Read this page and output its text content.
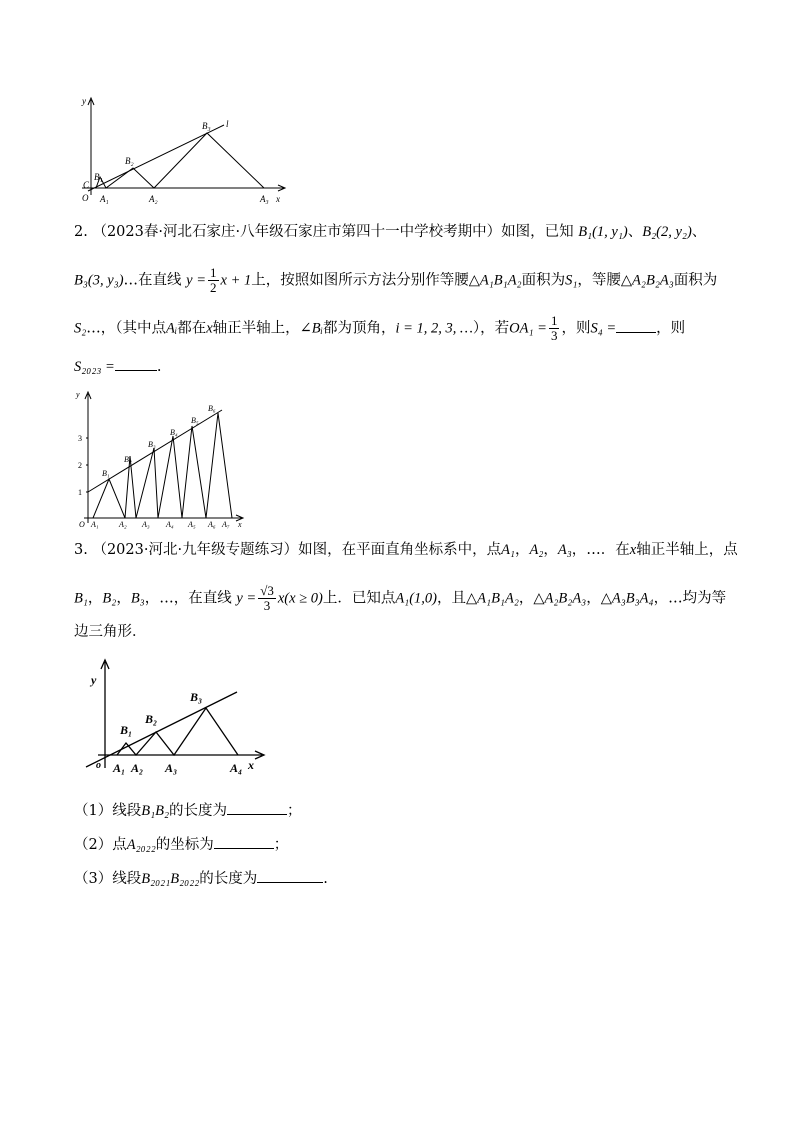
y
l
B₃
B₂
B₁
C
O A₁	A₂	A₃ x
2. （2023春·河北石家庄·八年级石家庄市第四十一中学校考期中）如图，已知 B₁(1, y₁)、B₂(2, y₂)、
B₃(3, y₃)…在直线 $y = \frac{1}{2}$ x + 1上，按照如图所示方法分别作等腰△A₁B₁A₂面积为S₁，等腰△A₂B₂A₃面积为
S₂…，（其中点Aᵢ都在x轴正半轴上，∠Bᵢ都为顶角，i = 1, 2, 3, …），若$OA_1 = \frac{1}{3}$ ，则S₄ =	，则
S₂₀₂₃ =	.
y
1
2
3
B₁
B₂
B₃
B₄
B₅
B₆
O A₁	A₂ A₃ A₄ A₅ A₆ A₇ x
3. （2023·河北·九年级专题练习）如图，在平面直角坐标系中，点A₁，A₂，A₃，…．在x轴正半轴上，点
B₁，B₂，B₃，…，在直线 $y = \frac{√3}{3} x(x \ge 0)$上．已知点A₁(1,0)，且△A₁B₁A₂，△A₂B₂A₃，△A₃B₃A₄，…均为等
边三角形．
y
B₃
B₂
B₁
o A₁ A₂ A₃	A₄ x
（1）线段B₁B₂的长度为	；
（2）点A₂₀₂₂的坐标为	；
（3）线段B₂₀₂₁B₂₀₂₂的长度为	.
